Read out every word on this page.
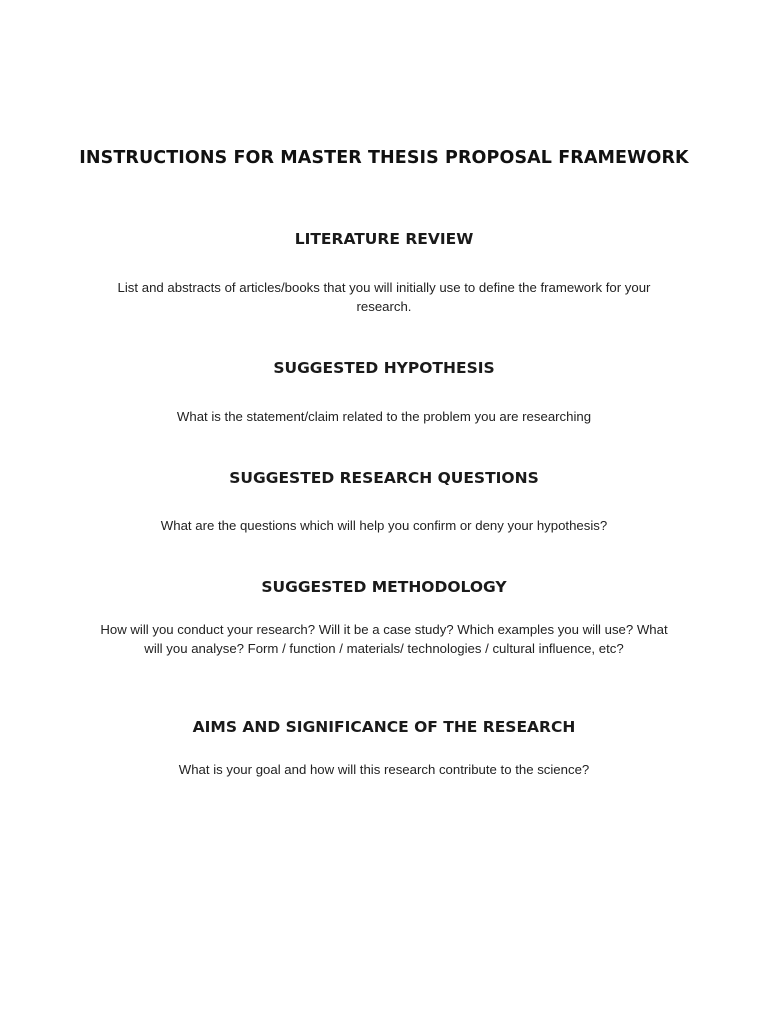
INSTRUCTIONS FOR MASTER THESIS PROPOSAL FRAMEWORK
LITERATURE REVIEW

List and abstracts of articles/books that you will initially use to define the framework for your research.

SUGGESTED HYPOTHESIS

What is the statement/claim related to the problem you are researching

SUGGESTED RESEARCH QUESTIONS

What are the questions which will help you confirm or deny your hypothesis?

SUGGESTED METHODOLOGY

How will you conduct your research? Will it be a case study? Which examples you will use? What will you analyse? Form / function / materials/ technologies / cultural influence, etc?

AIMS AND SIGNIFICANCE OF THE RESEARCH

What is your goal and how will this research contribute to the science?
